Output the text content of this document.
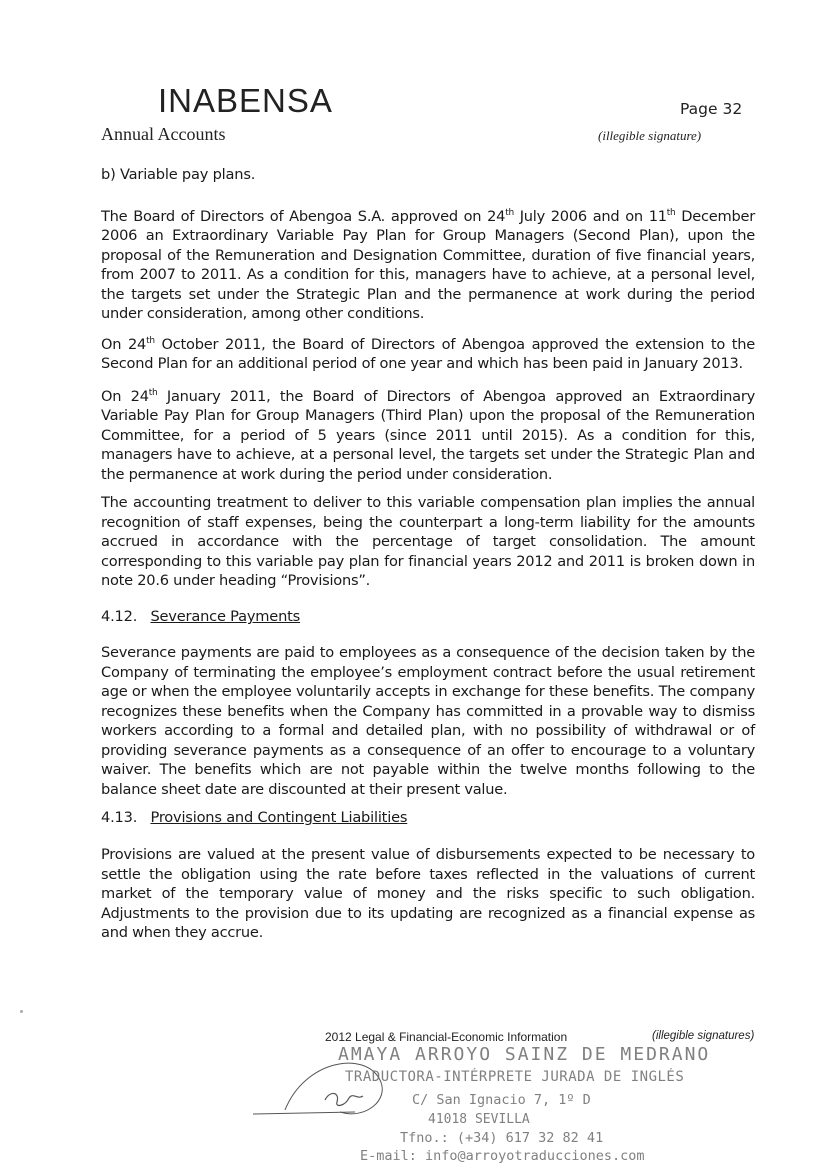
INABENSA
Annual Accounts
Page 32
(illegible signature)
b) Variable pay plans.
The Board of Directors of Abengoa S.A. approved on 24th July 2006 and on 11th December 2006 an Extraordinary Variable Pay Plan for Group Managers (Second Plan), upon the proposal of the Remuneration and Designation Committee, duration of five financial years, from 2007 to 2011. As a condition for this, managers have to achieve, at a personal level, the targets set under the Strategic Plan and the permanence at work during the period under consideration, among other conditions.
On 24th October 2011, the Board of Directors of Abengoa approved the extension to the Second Plan for an additional period of one year and which has been paid in January 2013.
On 24th January 2011, the Board of Directors of Abengoa approved an Extraordinary Variable Pay Plan for Group Managers (Third Plan) upon the proposal of the Remuneration Committee, for a period of 5 years (since 2011 until 2015). As a condition for this, managers have to achieve, at a personal level, the targets set under the Strategic Plan and the permanence at work during the period under consideration.
The accounting treatment to deliver to this variable compensation plan implies the annual recognition of staff expenses, being the counterpart a long-term liability for the amounts accrued in accordance with the percentage of target consolidation. The amount corresponding to this variable pay plan for financial years 2012 and 2011 is broken down in note 20.6 under heading “Provisions”.
4.12. Severance Payments
Severance payments are paid to employees as a consequence of the decision taken by the Company of terminating the employee’s employment contract before the usual retirement age or when the employee voluntarily accepts in exchange for these benefits. The company recognizes these benefits when the Company has committed in a provable way to dismiss workers according to a formal and detailed plan, with no possibility of withdrawal or of providing severance payments as a consequence of an offer to encourage to a voluntary waiver. The benefits which are not payable within the twelve months following to the balance sheet date are discounted at their present value.
4.13. Provisions and Contingent Liabilities
Provisions are valued at the present value of disbursements expected to be necessary to settle the obligation using the rate before taxes reflected in the valuations of current market of the temporary value of money and the risks specific to such obligation. Adjustments to the provision due to its updating are recognized as a financial expense as and when they accrue.
2012 Legal & Financial-Economic Information	(illegible signatures)
AMAYA ARROYO SAINZ DE MEDRANO
TRADUCTORA-INTÉRPRETE JURADA DE INGLÉS
C/ San Ignacio 7, 1º D
41018 SEVILLA
Tfno.: (+34) 617 32 82 41
E-mail: info@arroyotraducciones.com
